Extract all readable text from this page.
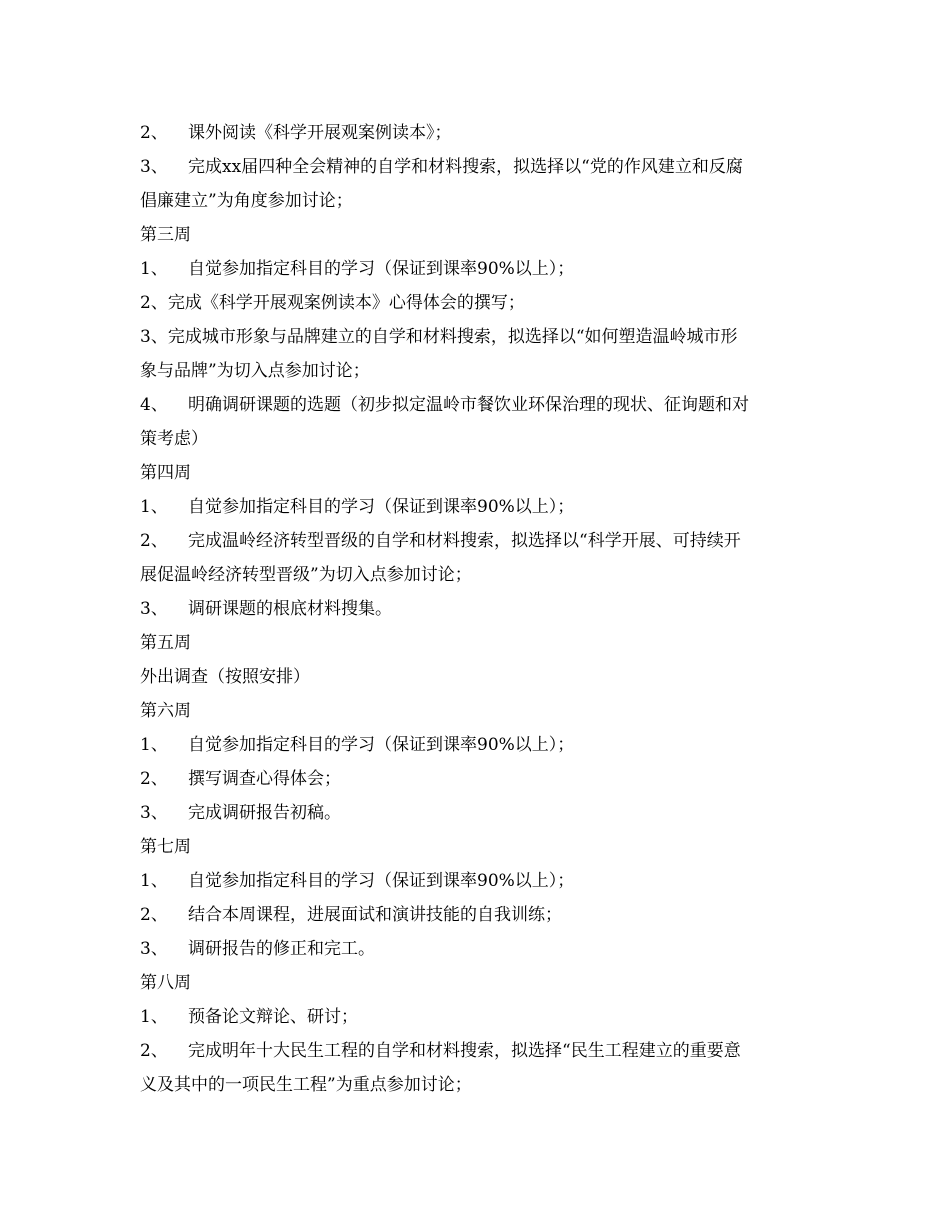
2、 课外阅读《科学开展观案例读本》；
3、 完成xx届四种全会精神的自学和材料搜索，拟选择以“党的作风建立和反腐
倡廉建立”为角度参加讨论；
第三周
1、 自觉参加指定科目的学习（保证到课率90%以上）；
2、完成《科学开展观案例读本》心得体会的撰写；
3、完成城市形象与品牌建立的自学和材料搜索，拟选择以“如何塑造温岭城市形
象与品牌”为切入点参加讨论；
4、 明确调研课题的选题（初步拟定温岭市餐饮业环保治理的现状、征询题和对
策考虑）
第四周
1、 自觉参加指定科目的学习（保证到课率90%以上）；
2、 完成温岭经济转型晋级的自学和材料搜索，拟选择以“科学开展、可持续开
展促温岭经济转型晋级”为切入点参加讨论；
3、 调研课题的根底材料搜集。
第五周
外出调查（按照安排）
第六周
1、 自觉参加指定科目的学习（保证到课率90%以上）；
2、 撰写调查心得体会；
3、 完成调研报告初稿。
第七周
1、 自觉参加指定科目的学习（保证到课率90%以上）；
2、 结合本周课程，进展面试和演讲技能的自我训练；
3、 调研报告的修正和完工。
第八周
1、 预备论文辩论、研讨；
2、 完成明年十大民生工程的自学和材料搜索，拟选择“民生工程建立的重要意
义及其中的一项民生工程”为重点参加讨论；
